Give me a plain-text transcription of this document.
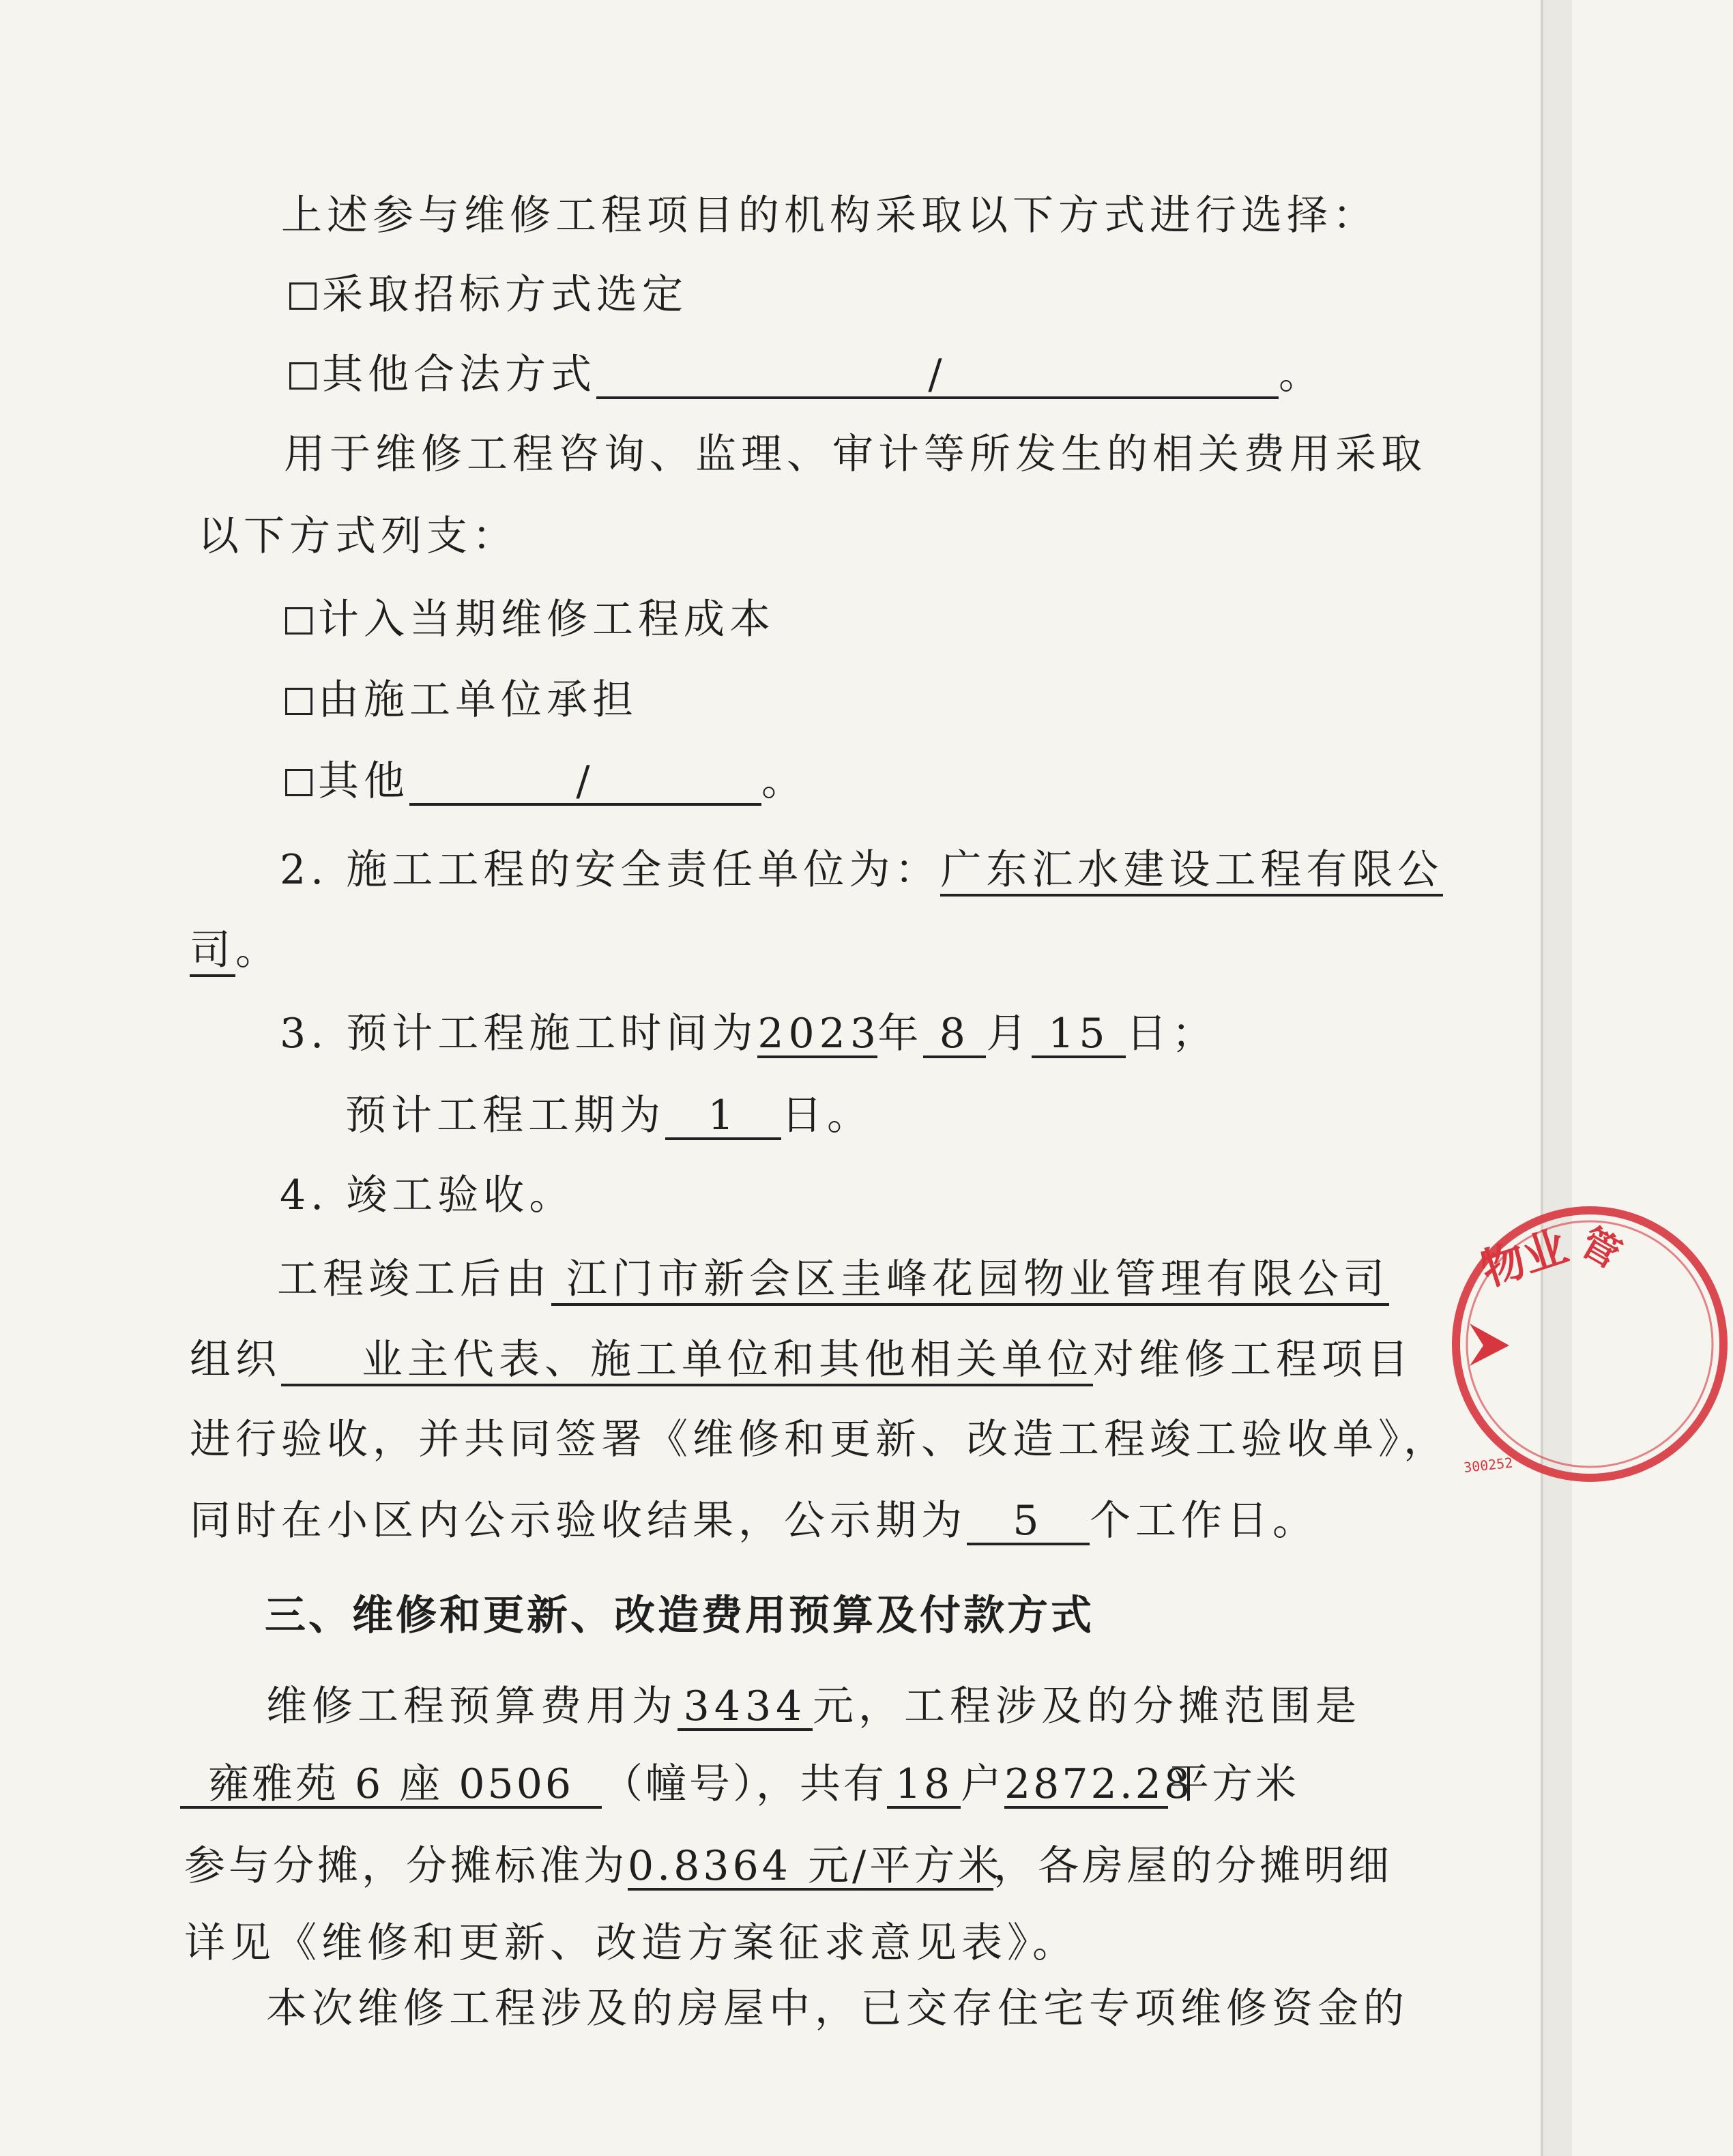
上述参与维修工程项目的机构采取以下方式进行选择：
采取招标方式选定
其他合法方式	/	。
用于维修工程咨询、监理、审计等所发生的相关费用采取
以下方式列支：
计入当期维修工程成本
由施工单位承担
其他	/	。
2. 施工工程的安全责任单位为：广东汇水建设工程有限公
司。
3. 预计工程施工时间为2023年 8 月 15 日；
预计工程工期为 1 日。
4. 竣工验收。
工程竣工后由 江门市新会区圭峰花园物业管理有限公司
组织 业主代表、施工单位和其他相关单位对维修工程项目
进行验收，并共同签署《维修和更新、改造工程竣工验收单》，
同时在小区内公示验收结果，公示期为 5 个工作日。
三、维修和更新、改造费用预算及付款方式
维修工程预算费用为 3434 元，工程涉及的分摊范围是
雍雅苑 6 座 0506 （幢号），共有 18 户2872.28平方米
参与分摊，分摊标准为0.8364 元/平方米，各房屋的分摊明细
详见《维修和更新、改造方案征求意见表》。
本次维修工程涉及的房屋中，已交存住宅专项维修资金的
物业
管
300252
